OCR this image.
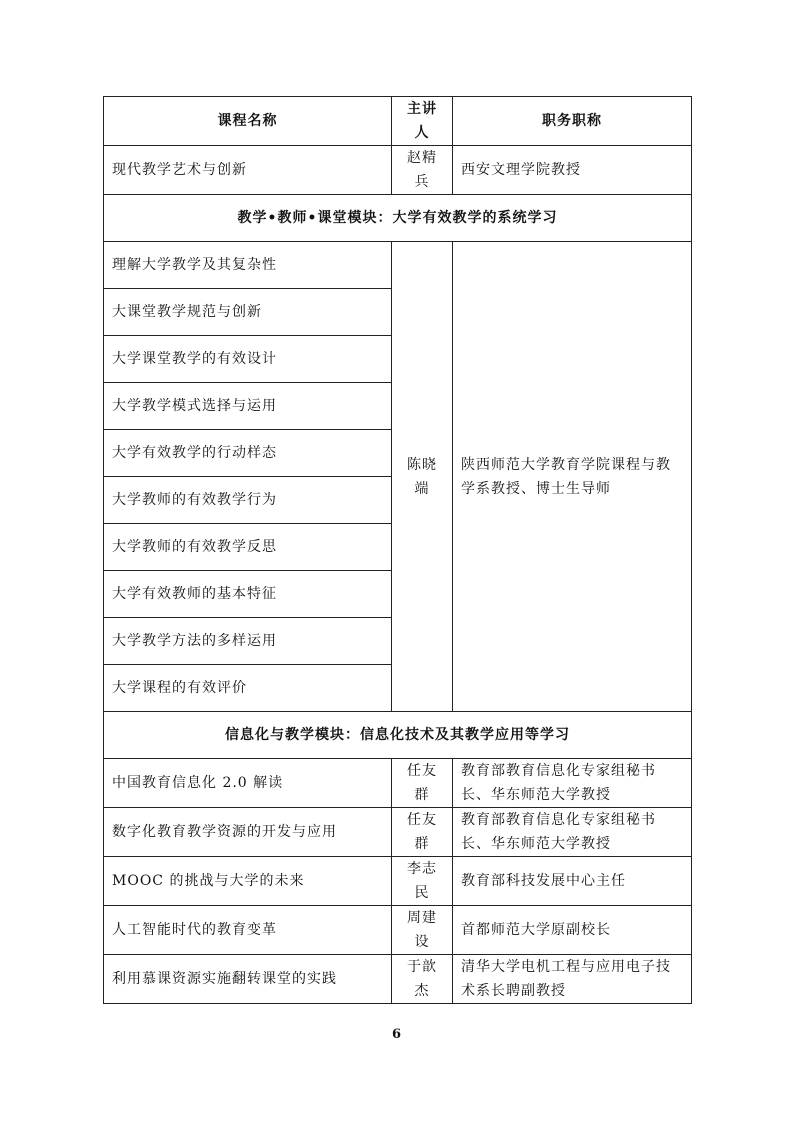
课程名称	主讲人	职务职称
现代教学艺术与创新	赵精兵	西安文理学院教授
教学•教师•课堂模块：大学有效教学的系统学习		
理解大学教学及其复杂性	陈晓端	陕西师范大学教育学院课程与教学系教授、博士生导师
大课堂教学规范与创新		
大学课堂教学的有效设计		
大学教学模式选择与运用		
大学有效教学的行动样态		
大学教师的有效教学行为		
大学教师的有效教学反思		
大学有效教师的基本特征		
大学教学方法的多样运用		
大学课程的有效评价		
信息化与教学模块：信息化技术及其教学应用等学习		
中国教育信息化 2.0 解读	任友群	教育部教育信息化专家组秘书长、华东师范大学教授
数字化教育教学资源的开发与应用	任友群	教育部教育信息化专家组秘书长、华东师范大学教授
MOOC 的挑战与大学的未来	李志民	教育部科技发展中心主任
人工智能时代的教育变革	周建设	首都师范大学原副校长
利用慕课资源实施翻转课堂的实践	于歆杰	清华大学电机工程与应用电子技术系长聘副教授
6
